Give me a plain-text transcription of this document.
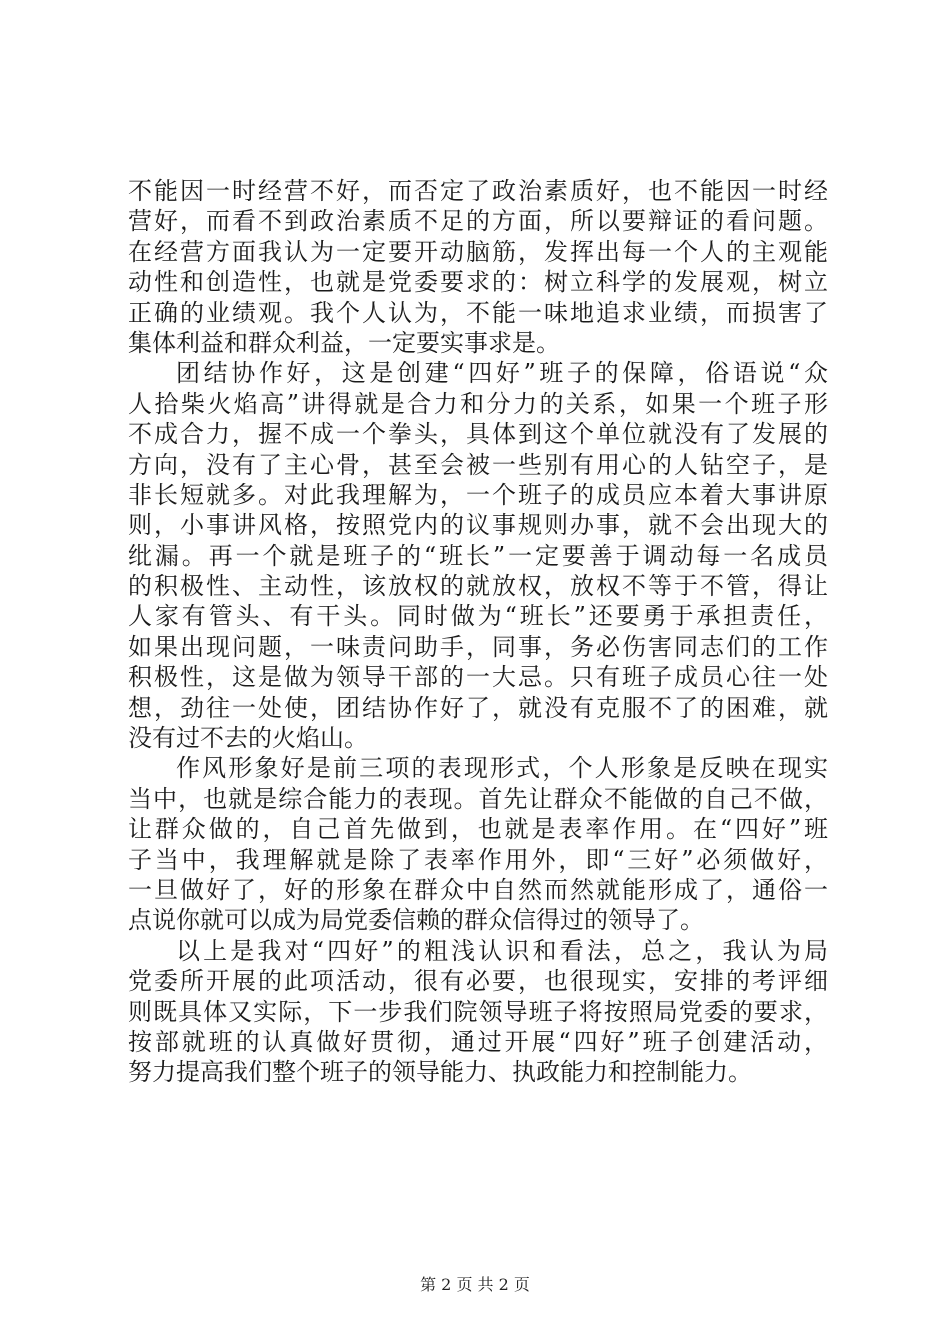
不能因一时经营不好，而否定了政治素质好，也不能因一时经
营好，而看不到政治素质不足的方面，所以要辩证的看问题。
在经营方面我认为一定要开动脑筋，发挥出每一个人的主观能
动性和创造性，也就是党委要求的：树立科学的发展观，树立
正确的业绩观。我个人认为，不能一味地追求业绩，而损害了
集体利益和群众利益，一定要实事求是。
团结协作好，这是创建“四好”班子的保障，俗语说“众
人拾柴火焰高”讲得就是合力和分力的关系，如果一个班子形
不成合力，握不成一个拳头，具体到这个单位就没有了发展的
方向，没有了主心骨，甚至会被一些别有用心的人钻空子，是
非长短就多。对此我理解为，一个班子的成员应本着大事讲原
则，小事讲风格，按照党内的议事规则办事，就不会出现大的
纰漏。再一个就是班子的“班长”一定要善于调动每一名成员
的积极性、主动性，该放权的就放权，放权不等于不管，得让
人家有管头、有干头。同时做为“班长”还要勇于承担责任，
如果出现问题，一味责问助手，同事，务必伤害同志们的工作
积极性，这是做为领导干部的一大忌。只有班子成员心往一处
想，劲往一处使，团结协作好了，就没有克服不了的困难，就
没有过不去的火焰山。
作风形象好是前三项的表现形式，个人形象是反映在现实
当中，也就是综合能力的表现。首先让群众不能做的自己不做，
让群众做的，自己首先做到，也就是表率作用。在“四好”班
子当中，我理解就是除了表率作用外，即“三好”必须做好，
一旦做好了，好的形象在群众中自然而然就能形成了，通俗一
点说你就可以成为局党委信赖的群众信得过的领导了。
以上是我对“四好”的粗浅认识和看法，总之，我认为局
党委所开展的此项活动，很有必要，也很现实，安排的考评细
则既具体又实际，下一步我们院领导班子将按照局党委的要求，
按部就班的认真做好贯彻，通过开展“四好”班子创建活动，
努力提高我们整个班子的领导能力、执政能力和控制能力。
第 2 页 共 2 页
